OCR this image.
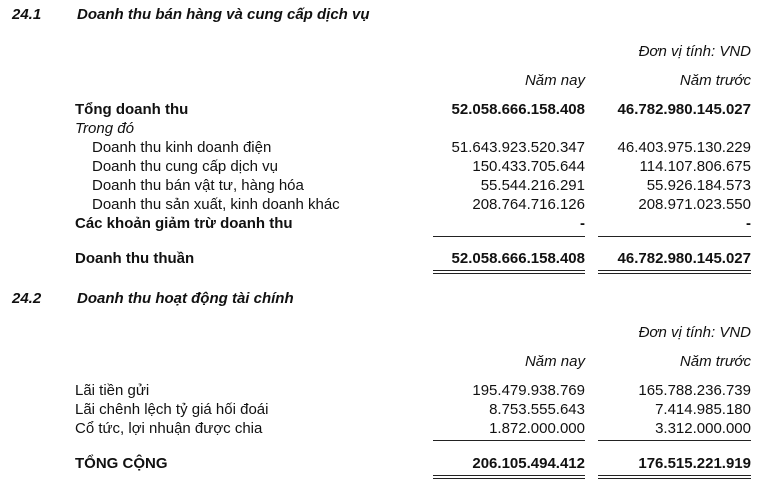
24.1 Doanh thu bán hàng và cung cấp dịch vụ
Đơn vị tính: VND
Năm nay	Năm trước
Tổng doanh thu	52.058.666.158.408 46.782.980.145.027
Trong đó
Doanh thu kinh doanh điện	51.643.923.520.347 46.403.975.130.229
Doanh thu cung cấp dịch vụ	150.433.705.644	114.107.806.675
Doanh thu bán vật tư, hàng hóa	55.544.216.291	55.926.184.573
Doanh thu sản xuất, kinh doanh khác	208.764.716.126	208.971.023.550
Các khoản giảm trừ doanh thu	-	-
Doanh thu thuần	52.058.666.158.408 46.782.980.145.027
24.2 Doanh thu hoạt động tài chính
Đơn vị tính: VND
Năm nay	Năm trước
Lãi tiền gửi	195.479.938.769	165.788.236.739
Lãi chênh lệch tỷ giá hối đoái	8.753.555.643	7.414.985.180
Cổ tức, lợi nhuận được chia	1.872.000.000	3.312.000.000
TỔNG CỘNG	206.105.494.412	176.515.221.919
